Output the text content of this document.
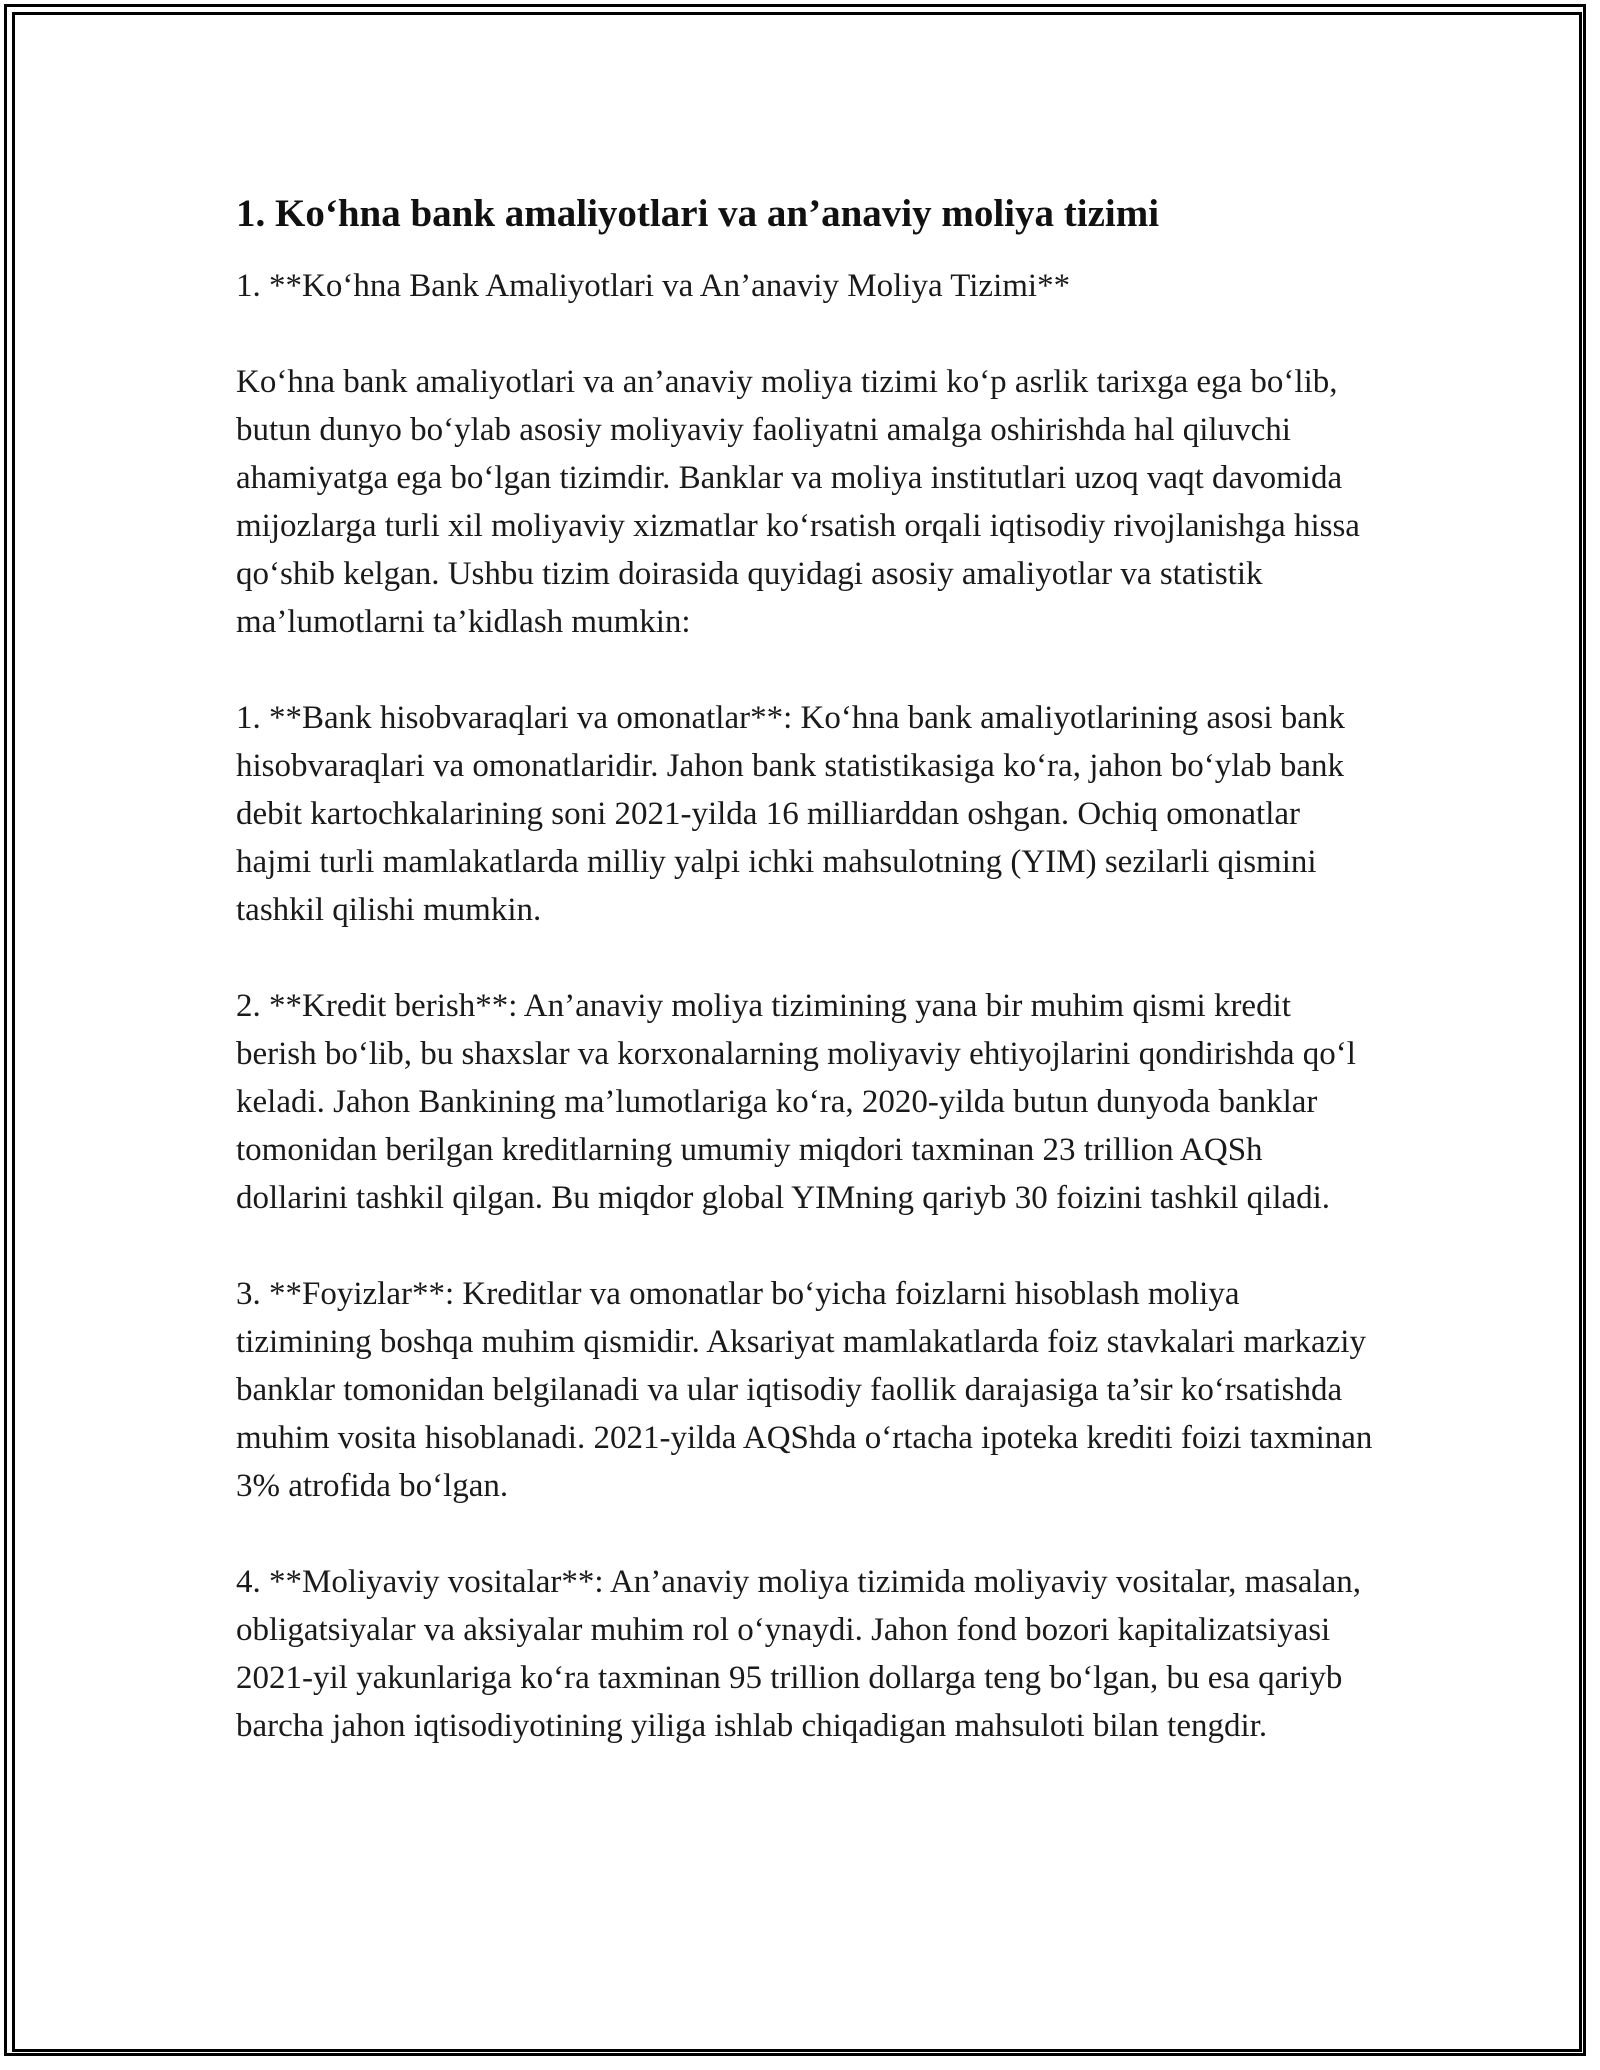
1. Ko‘hna bank amaliyotlari va an’anaviy moliya tizimi

1. **Ko‘hna Bank Amaliyotlari va An’anaviy Moliya Tizimi**

Ko‘hna bank amaliyotlari va an’anaviy moliya tizimi ko‘p asrlik tarixga ega bo‘lib, butun dunyo bo‘ylab asosiy moliyaviy faoliyatni amalga oshirishda hal qiluvchi ahamiyatga ega bo‘lgan tizimdir. Banklar va moliya institutlari uzoq vaqt davomida mijozlarga turli xil moliyaviy xizmatlar ko‘rsatish orqali iqtisodiy rivojlanishga hissa qo‘shib kelgan. Ushbu tizim doirasida quyidagi asosiy amaliyotlar va statistik ma’lumotlarni ta’kidlash mumkin:

1. **Bank hisobvaraqlari va omonatlar**: Ko‘hna bank amaliyotlarining asosi bank hisobvaraqlari va omonatlaridir. Jahon bank statistikasiga ko‘ra, jahon bo‘ylab bank debit kartochkalarining soni 2021-yilda 16 milliarddan oshgan. Ochiq omonatlar hajmi turli mamlakatlarda milliy yalpi ichki mahsulotning (YIM) sezilarli qismini tashkil qilishi mumkin.

2. **Kredit berish**: An’anaviy moliya tizimining yana bir muhim qismi kredit berish bo‘lib, bu shaxslar va korxonalarning moliyaviy ehtiyojlarini qondirishda qo‘l keladi. Jahon Bankining ma’lumotlariga ko‘ra, 2020-yilda butun dunyoda banklar tomonidan berilgan kreditlarning umumiy miqdori taxminan 23 trillion AQSh dollarini tashkil qilgan. Bu miqdor global YIMning qariyb 30 foizini tashkil qiladi.

3. **Foyizlar**: Kreditlar va omonatlar bo‘yicha foizlarni hisoblash moliya tizimining boshqa muhim qismidir. Aksariyat mamlakatlarda foiz stavkalari markaziy banklar tomonidan belgilanadi va ular iqtisodiy faollik darajasiga ta’sir ko‘rsatishda muhim vosita hisoblanadi. 2021-yilda AQShda o‘rtacha ipoteka krediti foizi taxminan 3% atrofida bo‘lgan.

4. **Moliyaviy vositalar**: An’anaviy moliya tizimida moliyaviy vositalar, masalan, obligatsiyalar va aksiyalar muhim rol o‘ynaydi. Jahon fond bozori kapitalizatsiyasi 2021-yil yakunlariga ko‘ra taxminan 95 trillion dollarga teng bo‘lgan, bu esa qariyb barcha jahon iqtisodiyotining yiliga ishlab chiqadigan mahsuloti bilan tengdir.
